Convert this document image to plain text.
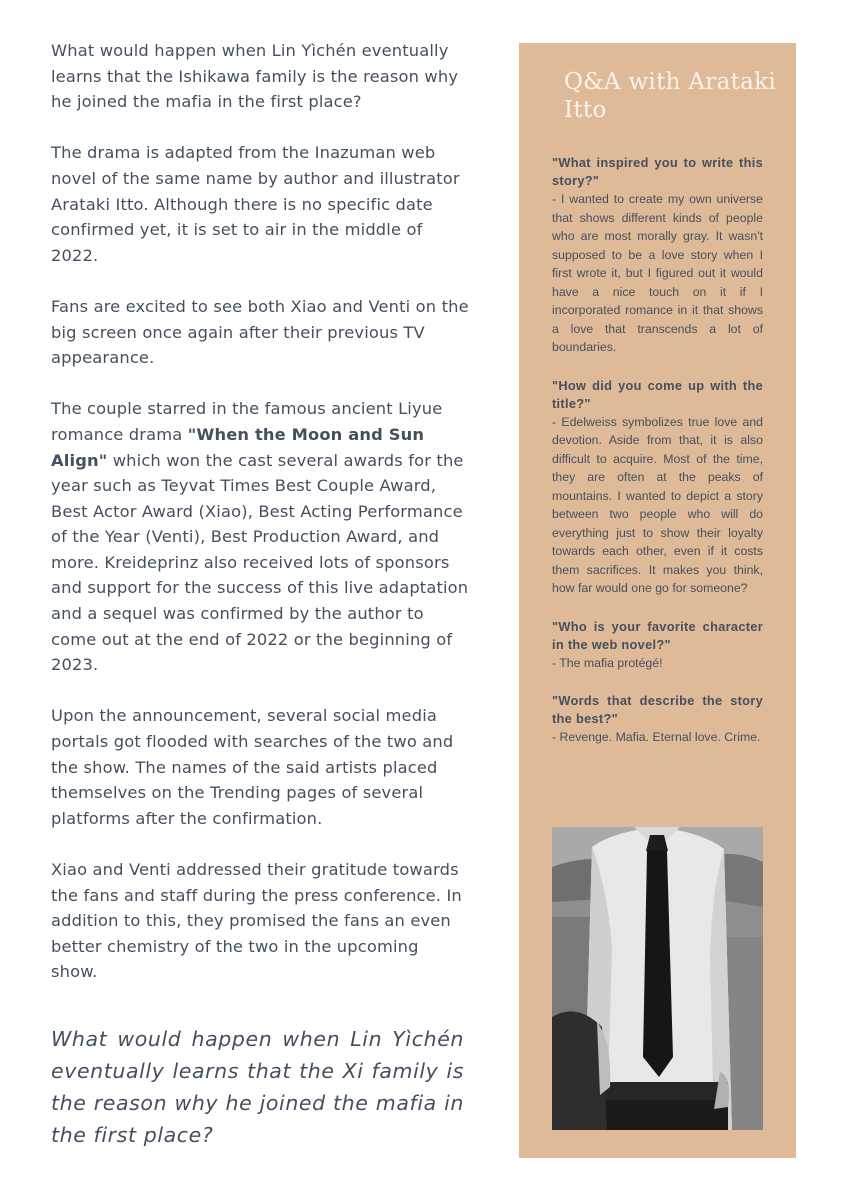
What would happen when Lin Yìchén eventually learns that the Ishikawa family is the reason why he joined the mafia in the first place?

The drama is adapted from the Inazuman web novel of the same name by author and illustrator Arataki Itto. Although there is no specific date confirmed yet, it is set to air in the middle of 2022.

Fans are excited to see both Xiao and Venti on the big screen once again after their previous TV appearance.

The couple starred in the famous ancient Liyue romance drama "When the Moon and Sun Align" which won the cast several awards for the year such as Teyvat Times Best Couple Award, Best Actor Award (Xiao), Best Acting Performance of the Year (Venti), Best Production Award, and more. Kreideprinz also received lots of sponsors and support for the success of this live adaptation and a sequel was confirmed by the author to come out at the end of 2022 or the beginning of 2023.

Upon the announcement, several social media portals got flooded with searches of the two and the show. The names of the said artists placed themselves on the Trending pages of several platforms after the confirmation.

Xiao and Venti addressed their gratitude towards the fans and staff during the press conference. In addition to this, they promised the fans an even better chemistry of the two in the upcoming show.

What would happen when Lin Yìchén eventually learns that the Xi family is the reason why he joined the mafia in the first place?
Q&A with Arataki Itto
"What inspired you to write this story?"
- I wanted to create my own universe that shows different kinds of people who are most morally gray. It wasn't supposed to be a love story when I first wrote it, but I figured out it would have a nice touch on it if I incorporated romance in it that shows a love that transcends a lot of boundaries.
"How did you come up with the title?"
- Edelweiss symbolizes true love and devotion. Aside from that, it is also difficult to acquire. Most of the time, they are often at the peaks of mountains. I wanted to depict a story between two people who will do everything just to show their loyalty towards each other, even if it costs them sacrifices. It makes you think, how far would one go for someone?
"Who is your favorite character in the web novel?"
- The mafia protégé!
"Words that describe the story the best?"
- Revenge. Mafia. Eternal love. Crime.
